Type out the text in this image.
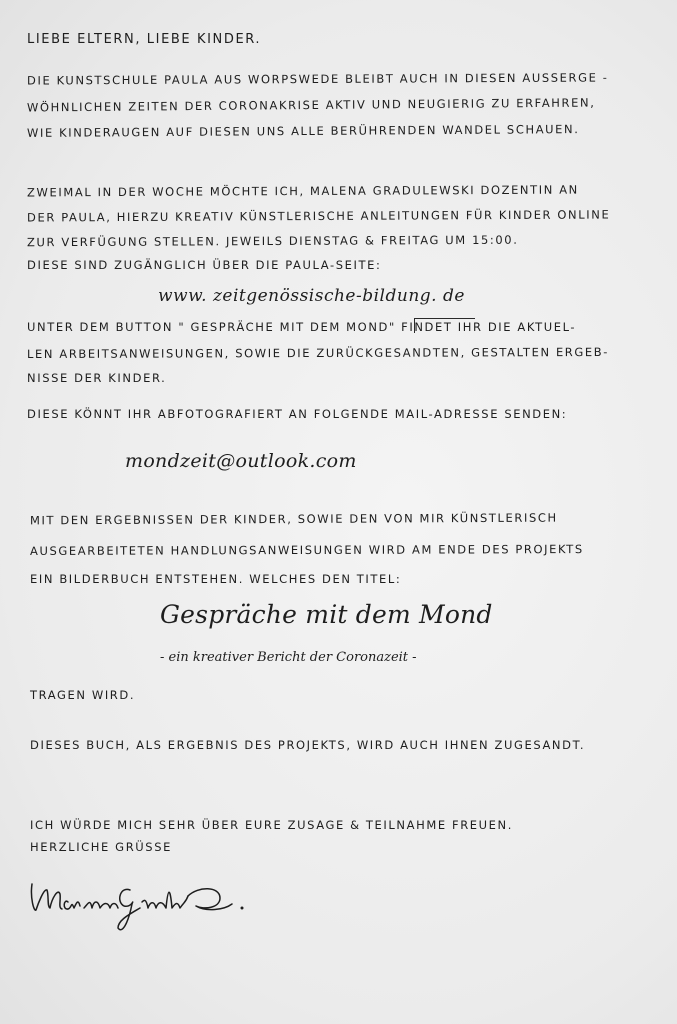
LIEBE ELTERN, LIEBE KINDER.
DIE KUNSTSCHULE PAULA AUS WORPSWEDE BLEIBT AUCH IN DIESEN AUSSERGE -
WÖHNLICHEN ZEITEN DER CORONAKRISE AKTIV UND NEUGIERIG ZU ERFAHREN,
WIE KINDERAUGEN AUF DIESEN UNS ALLE BERÜHRENDEN WANDEL SCHAUEN.
ZWEIMAL IN DER WOCHE MÖCHTE ICH, MALENA GRADULEWSKI DOZENTIN AN
DER PAULA, HIERZU KREATIV KÜNSTLERISCHE ANLEITUNGEN FÜR KINDER ONLINE
ZUR VERFÜGUNG STELLEN. JEWEILS DIENSTAG & FREITAG UM 15:00.
DIESE SIND ZUGÄNGLICH ÜBER DIE PAULA-SEITE:
www. zeitgenössische-bildung. de
UNTER DEM BUTTON " GESPRÄCHE MIT DEM MOND" FINDET IHR DIE AKTUEL-
LEN ARBEITSANWEISUNGEN, SOWIE DIE ZURÜCKGESANDTEN, GESTALTEN ERGEB-
NISSE DER KINDER.
DIESE KÖNNT IHR ABFOTOGRAFIERT AN FOLGENDE MAIL-ADRESSE SENDEN:
mondzeit@outlook.com
MIT DEN ERGEBNISSEN DER KINDER, SOWIE DEN VON MIR KÜNSTLERISCH
AUSGEARBEITETEN HANDLUNGSANWEISUNGEN WIRD AM ENDE DES PROJEKTS
EIN BILDERBUCH ENTSTEHEN. WELCHES DEN TITEL:
Gespräche mit dem Mond
- ein kreativer Bericht der Coronazeit -
TRAGEN WIRD.
DIESES BUCH, ALS ERGEBNIS DES PROJEKTS, WIRD AUCH IHNEN ZUGESANDT.
ICH WÜRDE MICH SEHR ÜBER EURE ZUSAGE & TEILNAHME FREUEN.
HERZLICHE GRÜSSE
